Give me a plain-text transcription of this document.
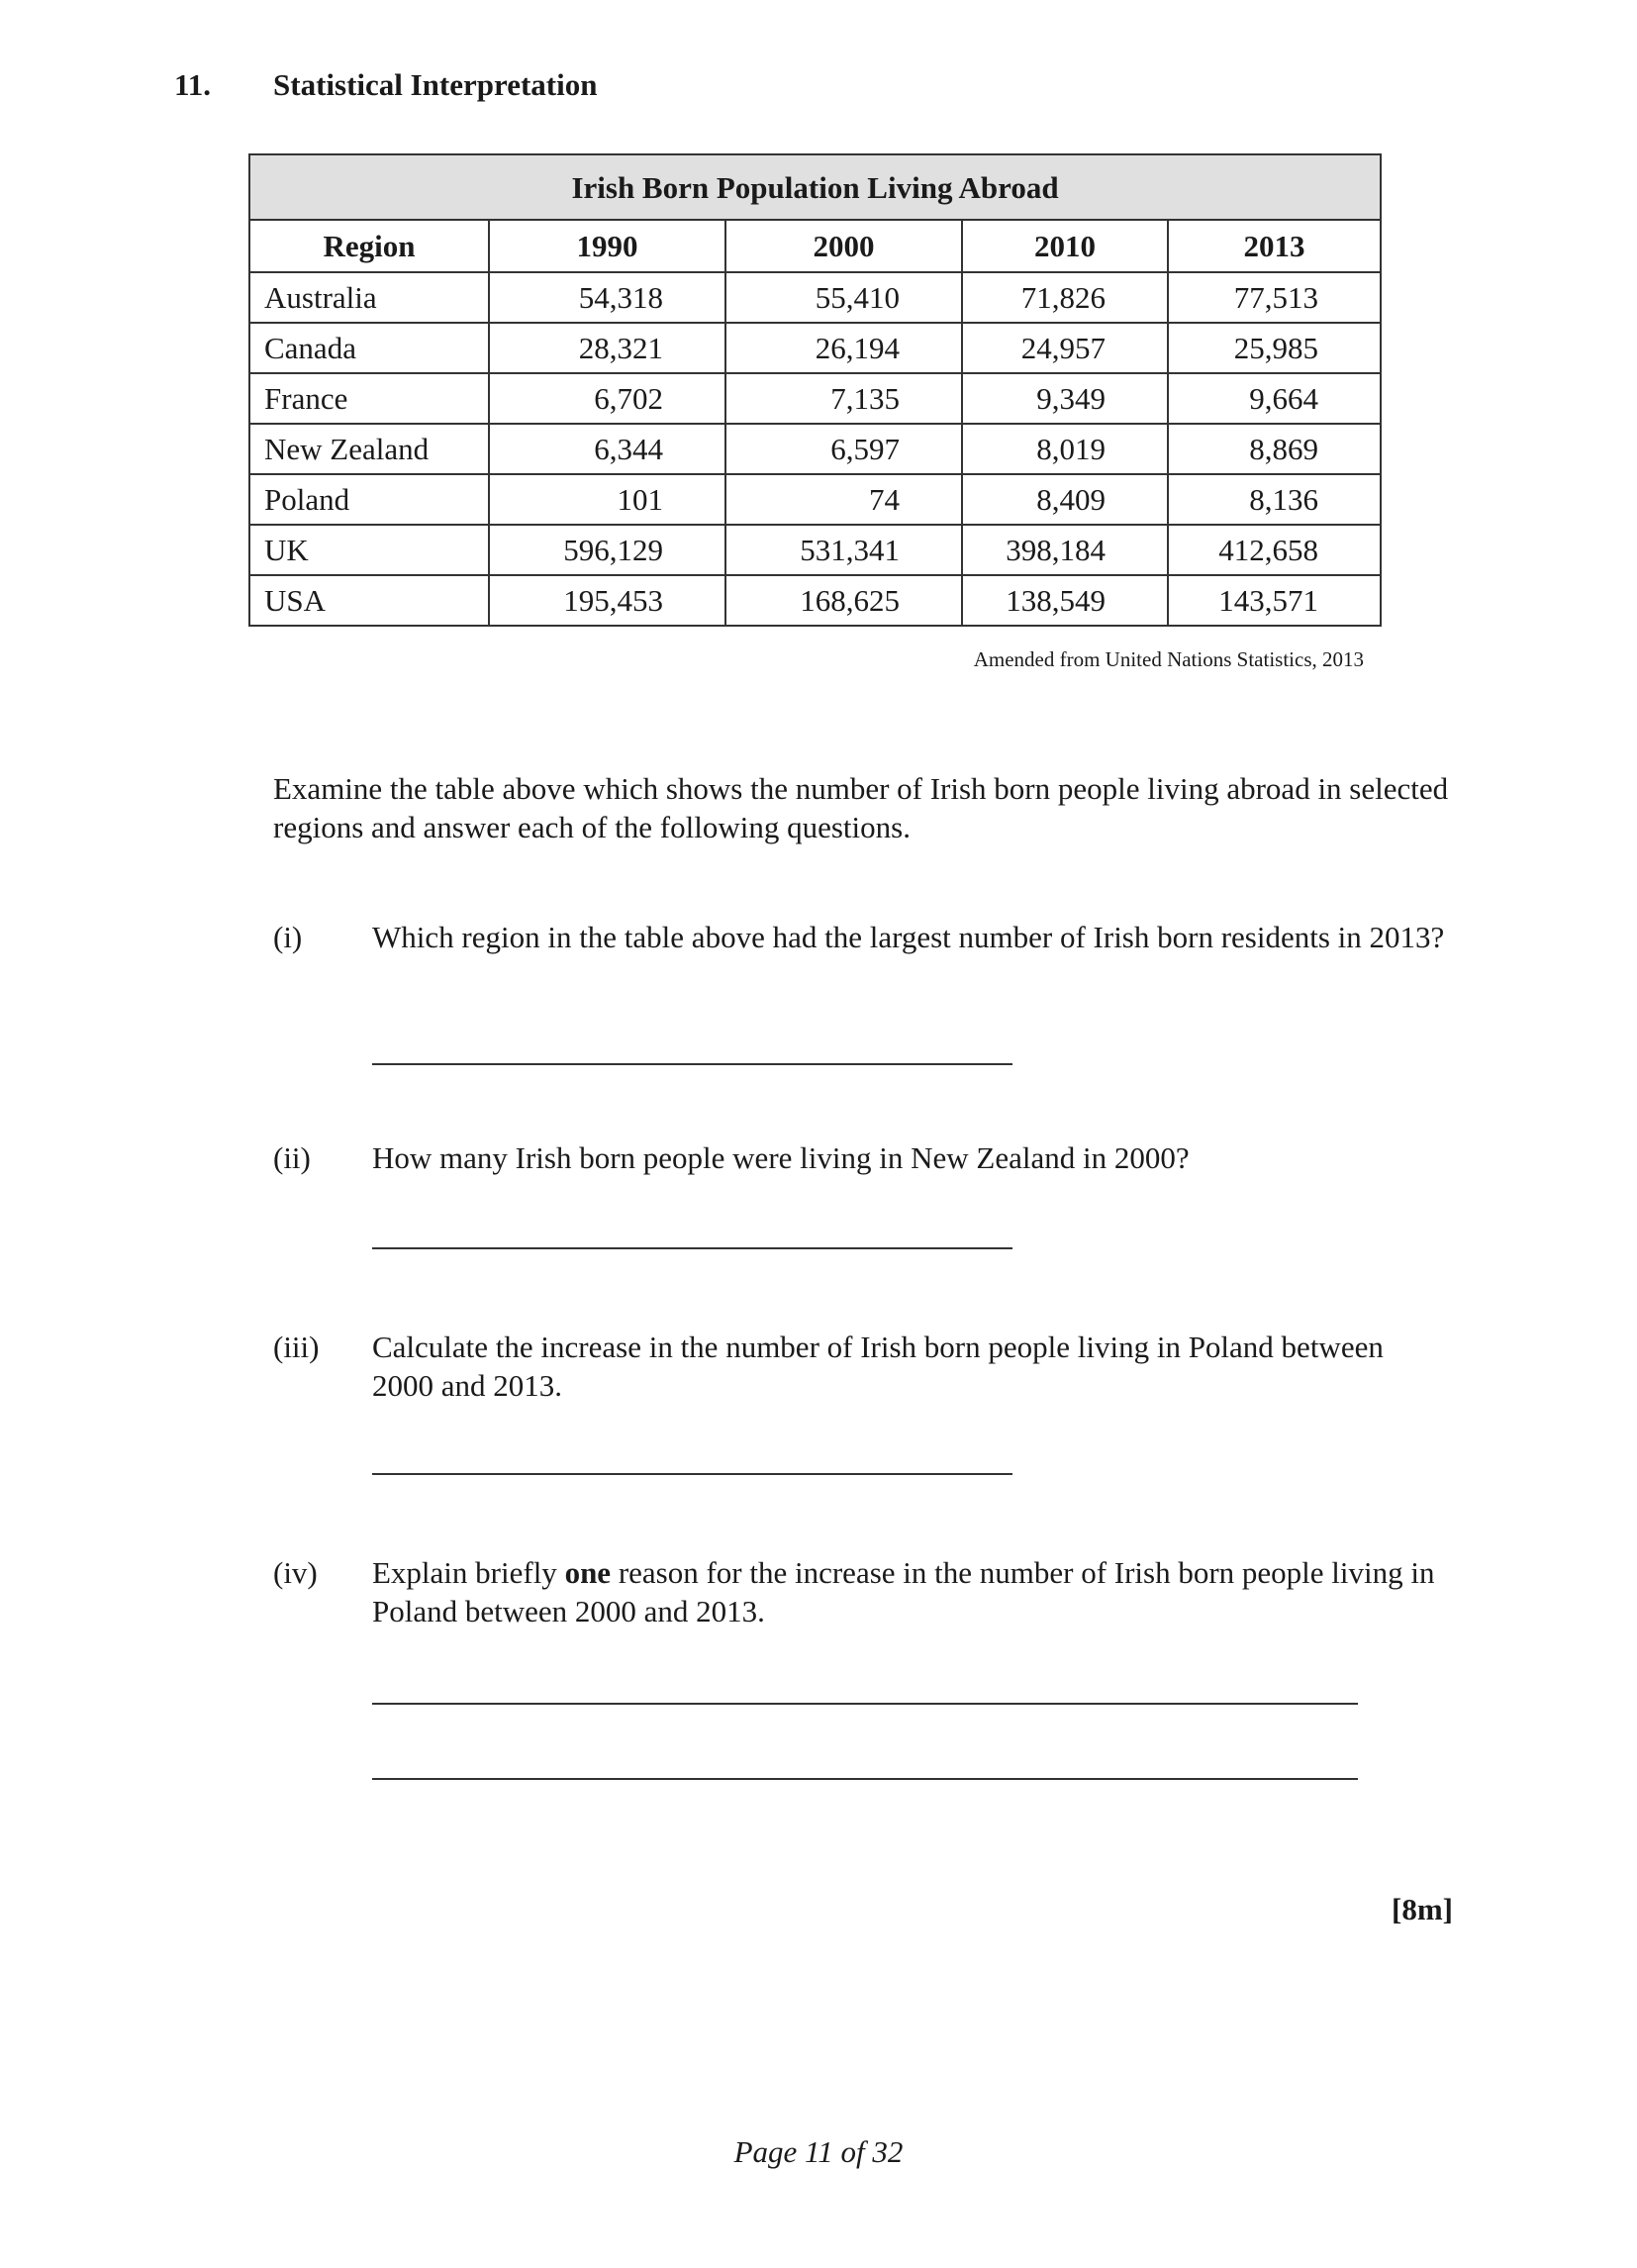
11. Statistical Interpretation
Irish Born Population Living Abroad				
Region	1990	2000	2010	2013
Australia	54,318	55,410	71,826	77,513
Canada	28,321	26,194	24,957	25,985
France	6,702	7,135	9,349	9,664
New Zealand	6,344	6,597	8,019	8,869
Poland	101	74	8,409	8,136
UK	596,129	531,341	398,184	412,658
USA	195,453	168,625	138,549	143,571
Amended from United Nations Statistics, 2013
Examine the table above which shows the number of Irish born people living abroad in selected regions and answer each of the following questions.
(i) Which region in the table above had the largest number of Irish born residents in 2013?
(ii) How many Irish born people were living in New Zealand in 2000?
(iii) Calculate the increase in the number of Irish born people living in Poland between 2000 and 2013.
(iv) Explain briefly one reason for the increase in the number of Irish born people living in Poland between 2000 and 2013.
[8m]
Page 11 of 32
